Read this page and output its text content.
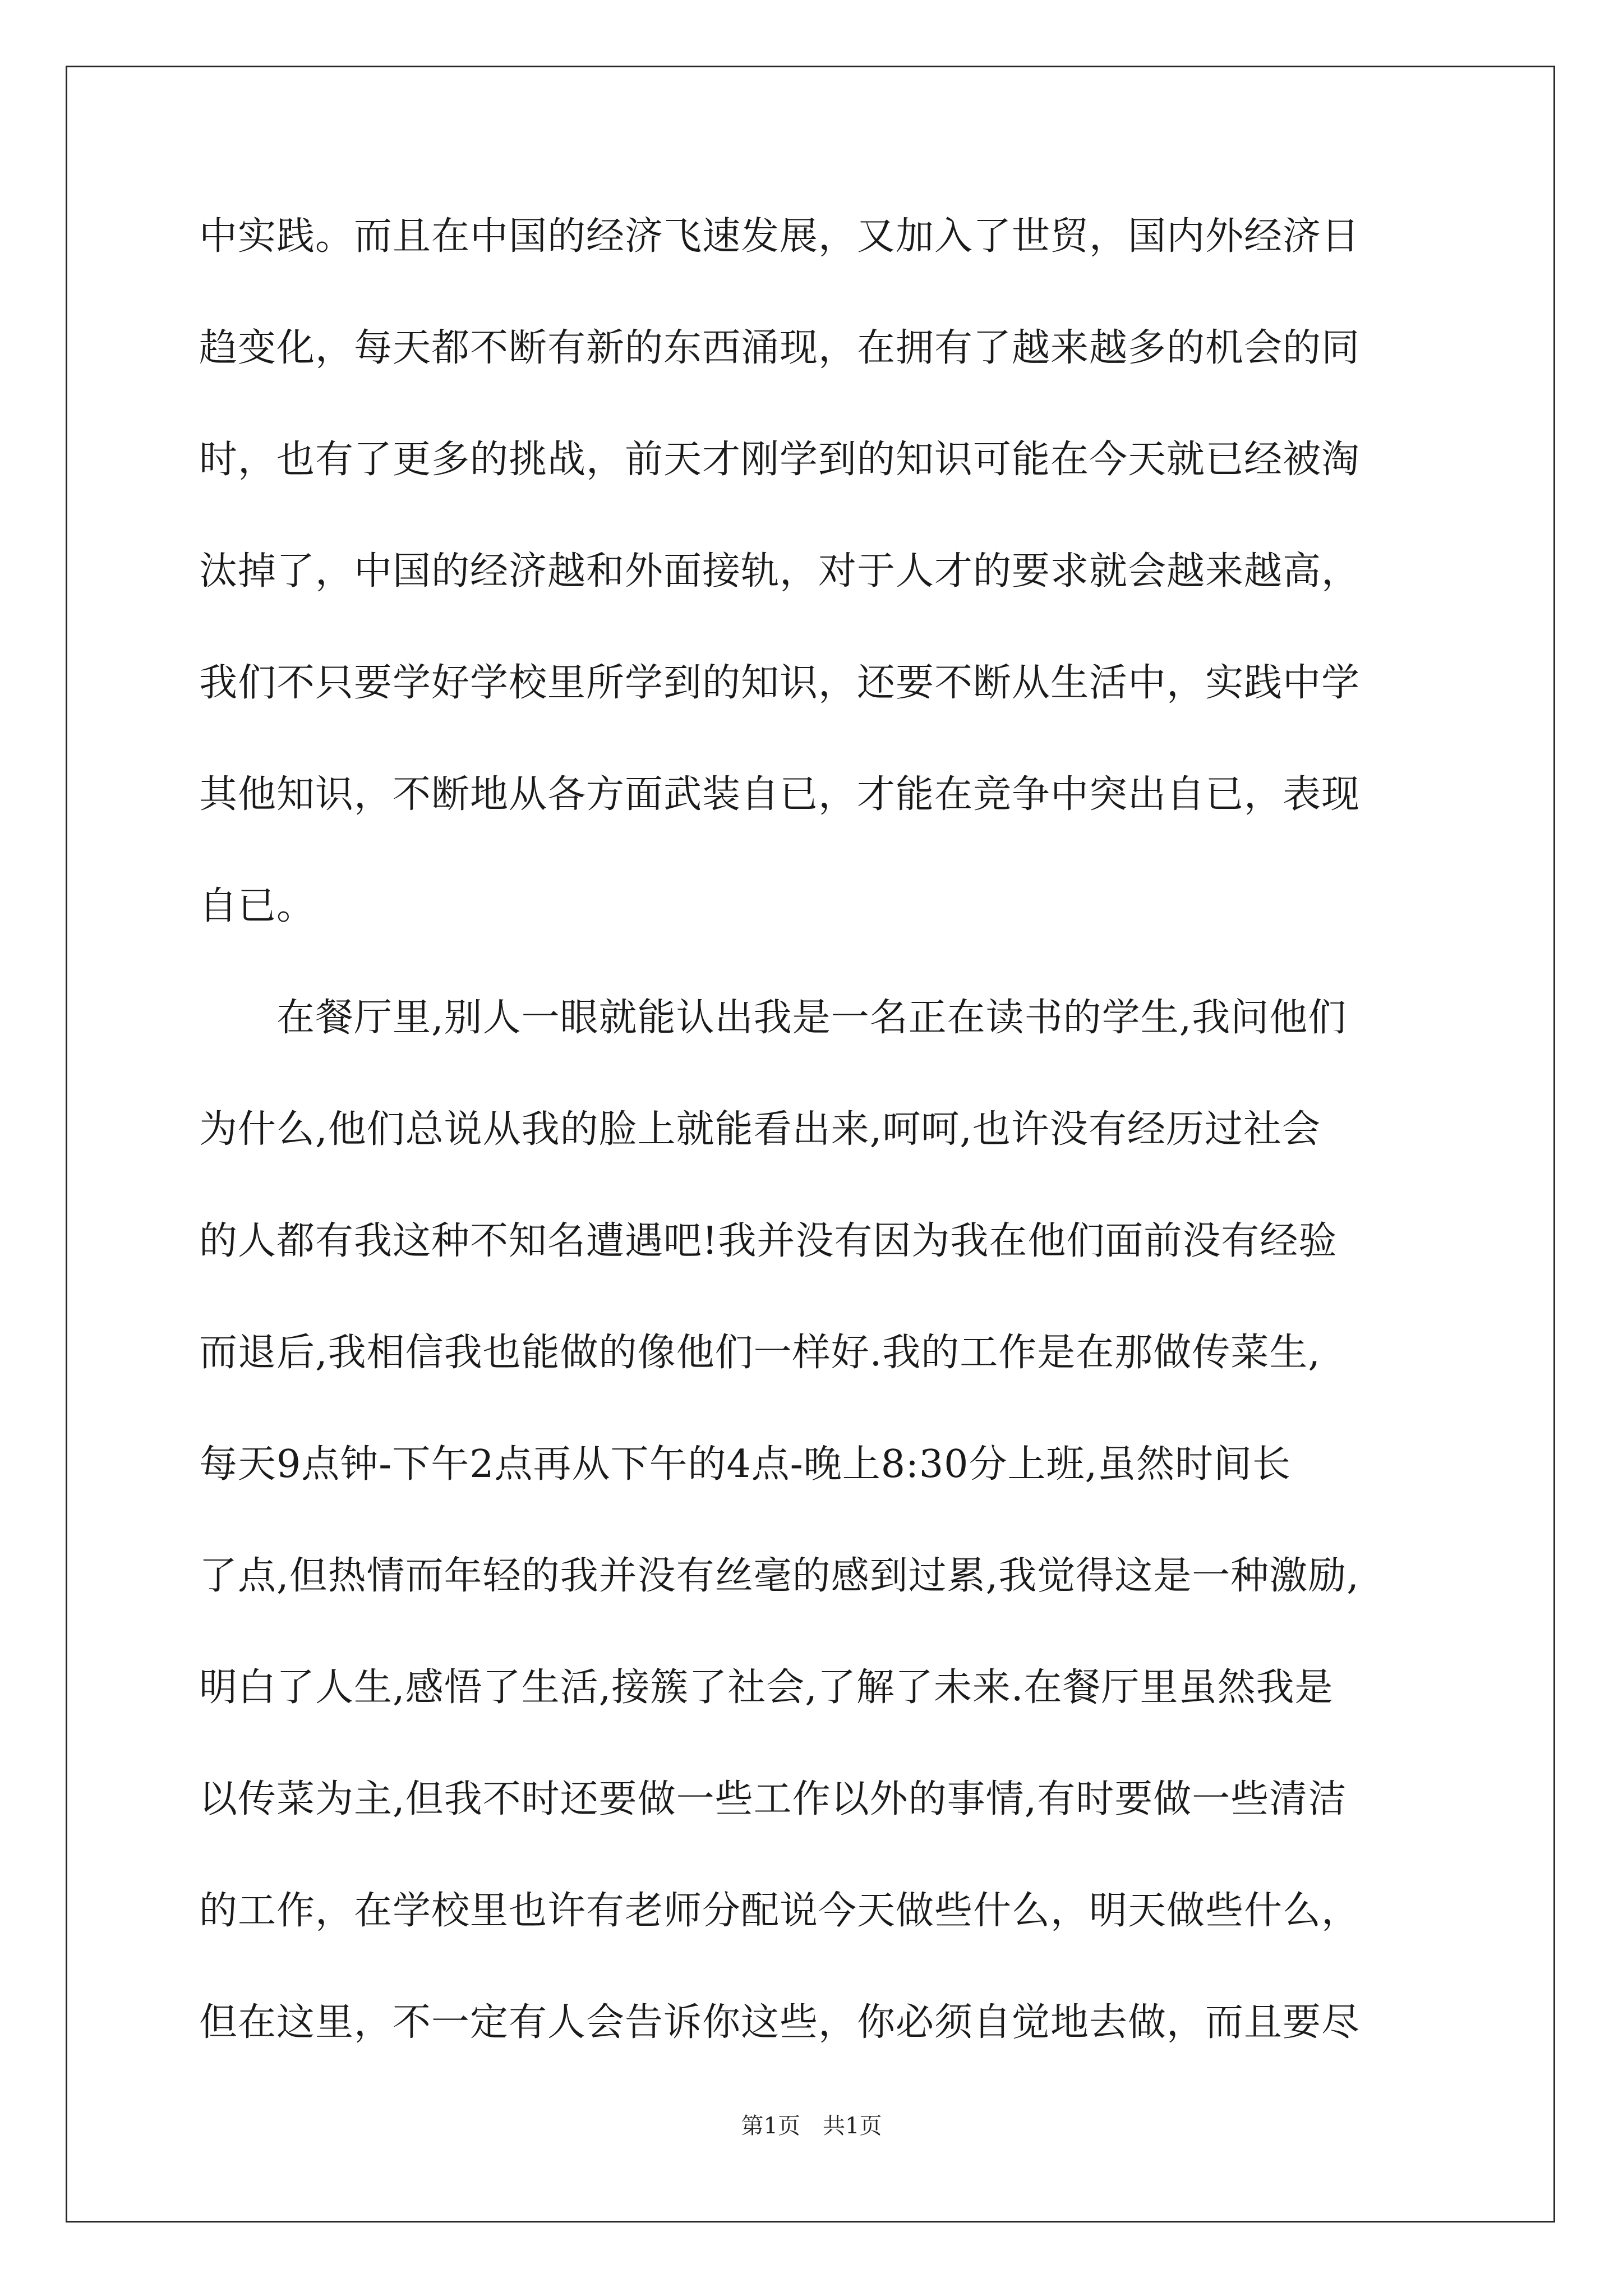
中实践。而且在中国的经济飞速发展，又加入了世贸，国内外经济日
趋变化，每天都不断有新的东西涌现，在拥有了越来越多的机会的同
时，也有了更多的挑战，前天才刚学到的知识可能在今天就已经被淘
汰掉了，中国的经济越和外面接轨，对于人才的要求就会越来越高，
我们不只要学好学校里所学到的知识，还要不断从生活中，实践中学
其他知识，不断地从各方面武装自已，才能在竞争中突出自已，表现
自已。
　　在餐厅里,别人一眼就能认出我是一名正在读书的学生,我问他们
为什么,他们总说从我的脸上就能看出来,呵呵,也许没有经历过社会
的人都有我这种不知名遭遇吧!我并没有因为我在他们面前没有经验
而退后,我相信我也能做的像他们一样好.我的工作是在那做传菜生,
每天9点钟-下午2点再从下午的4点-晚上8:30分上班,虽然时间长
了点,但热情而年轻的我并没有丝毫的感到过累,我觉得这是一种激励,
明白了人生,感悟了生活,接簇了社会,了解了未来.在餐厅里虽然我是
以传菜为主,但我不时还要做一些工作以外的事情,有时要做一些清洁
的工作，在学校里也许有老师分配说今天做些什么，明天做些什么，
但在这里，不一定有人会告诉你这些，你必须自觉地去做，而且要尽
第1页　共1页
